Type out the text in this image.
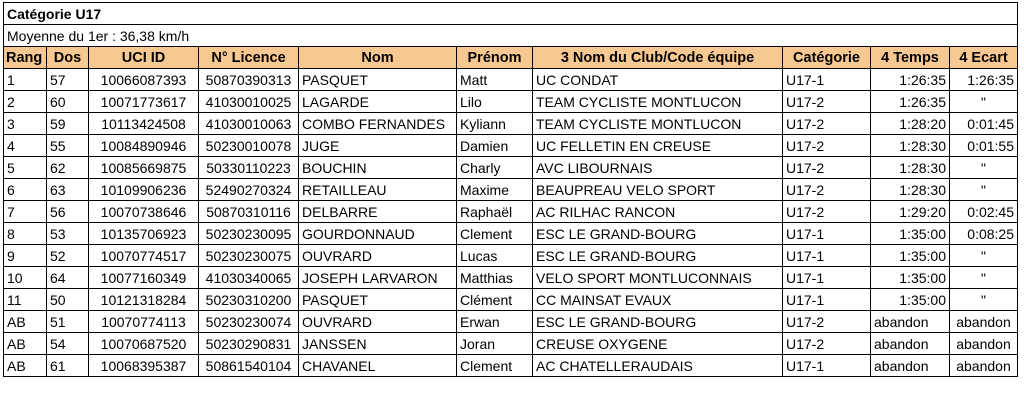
Catégorie U17									
Moyenne du 1er : 36,38 km/h									
Rang	Dos	UCI ID	N° Licence	Nom	Prénom	3 Nom du Club/Code équipe	Catégorie	4 Temps	4 Ecart
1	57	10066087393	50870390313	PASQUET	Matt	UC CONDAT	U17-1	1:26:35	1:26:35
2	60	10071773617	41030010025	LAGARDE	Lilo	TEAM CYCLISTE MONTLUCON	U17-2	1:26:35	"
3	59	10113424508	41030010063	COMBO FERNANDES	Kyliann	TEAM CYCLISTE MONTLUCON	U17-2	1:28:20	0:01:45
4	55	10084890946	50230010078	JUGE	Damien	UC FELLETIN EN CREUSE	U17-2	1:28:30	0:01:55
5	62	10085669875	50330110223	BOUCHIN	Charly	AVC LIBOURNAIS	U17-2	1:28:30	"
6	63	10109906236	52490270324	RETAILLEAU	Maxime	BEAUPREAU VELO SPORT	U17-2	1:28:30	"
7	56	10070738646	50870310116	DELBARRE	Raphaël	AC RILHAC RANCON	U17-2	1:29:20	0:02:45
8	53	10135706923	50230230095	GOURDONNAUD	Clement	ESC LE GRAND-BOURG	U17-1	1:35:00	0:08:25
9	52	10070774517	50230230075	OUVRARD	Lucas	ESC LE GRAND-BOURG	U17-1	1:35:00	"
10	64	10077160349	41030340065	JOSEPH LARVARON	Matthias	VELO SPORT MONTLUCONNAIS	U17-1	1:35:00	"
11	50	10121318284	50230310200	PASQUET	Clément	CC MAINSAT EVAUX	U17-1	1:35:00	"
AB	51	10070774113	50230230074	OUVRARD	Erwan	ESC LE GRAND-BOURG	U17-2	abandon	abandon
AB	54	10070687520	50230290831	JANSSEN	Joran	CREUSE OXYGENE	U17-2	abandon	abandon
AB	61	10068395387	50861540104	CHAVANEL	Clement	AC CHATELLERAUDAIS	U17-1	abandon	abandon
